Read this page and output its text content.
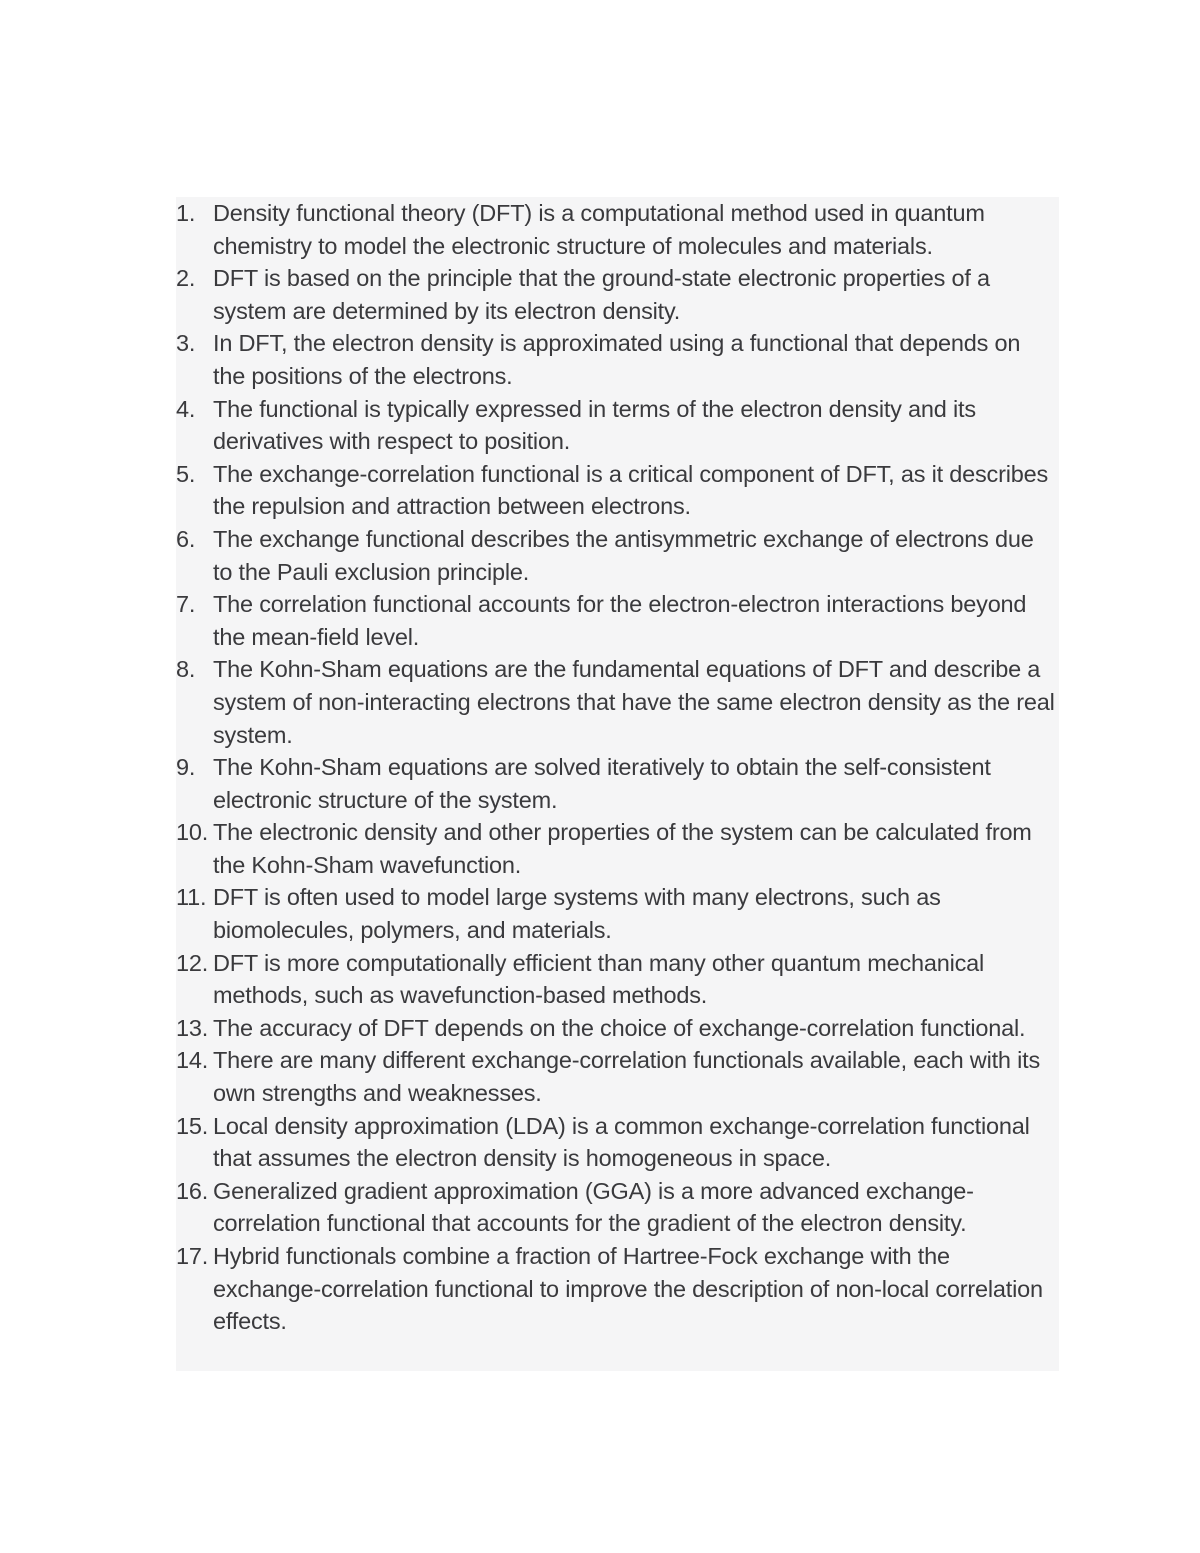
1. Density functional theory (DFT) is a computational method used in quantum chemistry to model the electronic structure of molecules and materials.
2. DFT is based on the principle that the ground-state electronic properties of a system are determined by its electron density.
3. In DFT, the electron density is approximated using a functional that depends on the positions of the electrons.
4. The functional is typically expressed in terms of the electron density and its derivatives with respect to position.
5. The exchange-correlation functional is a critical component of DFT, as it describes the repulsion and attraction between electrons.
6. The exchange functional describes the antisymmetric exchange of electrons due to the Pauli exclusion principle.
7. The correlation functional accounts for the electron-electron interactions beyond the mean-field level.
8. The Kohn-Sham equations are the fundamental equations of DFT and describe a system of non-interacting electrons that have the same electron density as the real system.
9. The Kohn-Sham equations are solved iteratively to obtain the self-consistent electronic structure of the system.
10. The electronic density and other properties of the system can be calculated from the Kohn-Sham wavefunction.
11. DFT is often used to model large systems with many electrons, such as biomolecules, polymers, and materials.
12. DFT is more computationally efficient than many other quantum mechanical methods, such as wavefunction-based methods.
13. The accuracy of DFT depends on the choice of exchange-correlation functional.
14. There are many different exchange-correlation functionals available, each with its own strengths and weaknesses.
15. Local density approximation (LDA) is a common exchange-correlation functional that assumes the electron density is homogeneous in space.
16. Generalized gradient approximation (GGA) is a more advanced exchange-correlation functional that accounts for the gradient of the electron density.
17. Hybrid functionals combine a fraction of Hartree-Fock exchange with the exchange-correlation functional to improve the description of non-local correlation effects.
